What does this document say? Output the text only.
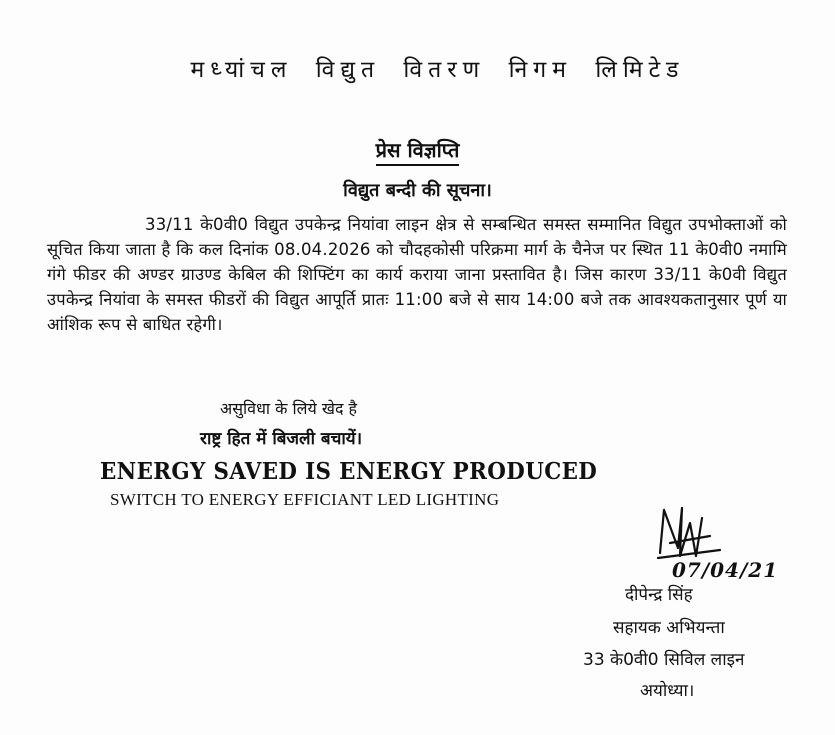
मध्यांचल विद्युत वितरण निगम लिमिटेड
प्रेस विज्ञप्ति
विद्युत बन्दी की सूचना।
33/11 के0वी0 विद्युत उपकेन्द्र नियांवा लाइन क्षेत्र से सम्बन्धित समस्त सम्मानित विद्युत उपभोक्ताओं को सूचित किया जाता है कि कल दिनांक 08.04.2026 को चौदहकोसी परिक्रमा मार्ग के चैनेज पर स्थित 11 के0वी0 नमामि गंगे फीडर की अण्डर ग्राउण्ड केबिल की शिफ्टिंग का कार्य कराया जाना प्रस्तावित है। जिस कारण 33/11 के0वी विद्युत उपकेन्द्र नियांवा के समस्त फीडरों की विद्युत आपूर्ति प्रातः 11:00 बजे से साय 14:00 बजे तक आवश्यकतानुसार पूर्ण या आंशिक रूप से बाधित रहेगी।
असुविधा के लिये खेद है
राष्ट्र हित में बिजली बचायें।
ENERGY SAVED IS ENERGY PRODUCED
SWITCH TO ENERGY EFFICIANT LED LIGHTING
07/04/21
दीपेन्द्र सिंह
सहायक अभियन्ता
33 के0वी0 सिविल लाइन
अयोध्या।
